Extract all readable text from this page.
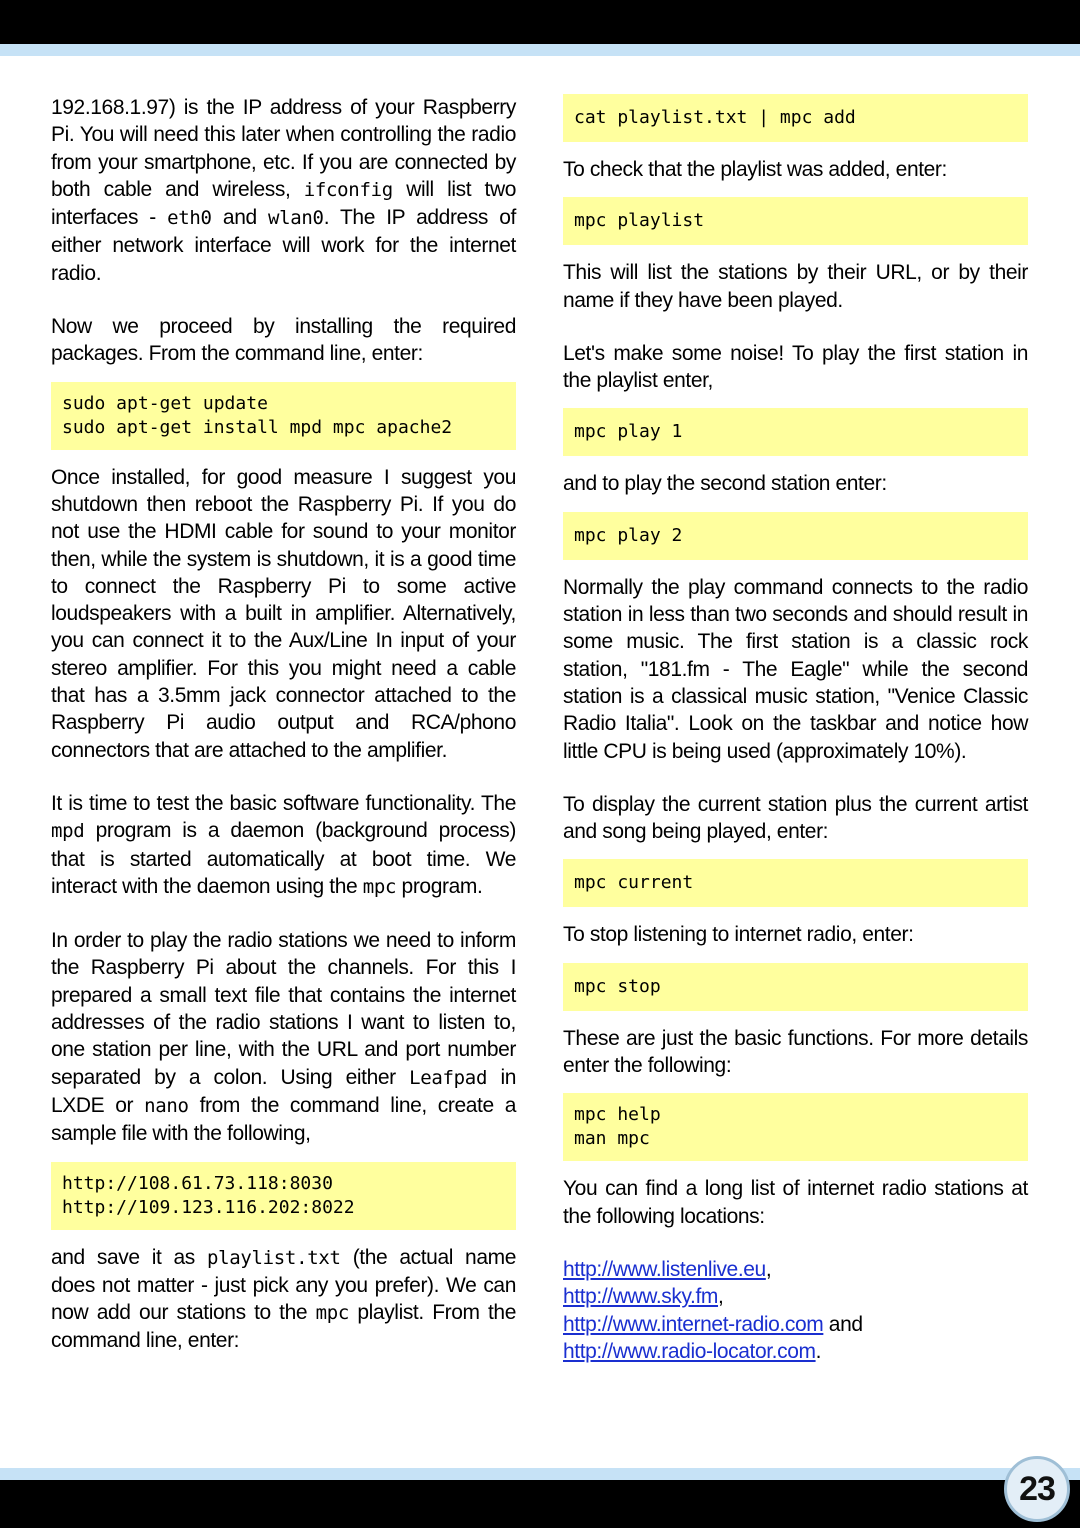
192.168.1.97) is the IP address of your Raspberry Pi. You will need this later when controlling the radio from your smartphone, etc. If you are connected by both cable and wireless, ifconfig will list two interfaces - eth0 and wlan0. The IP address of either network interface will work for the internet radio.

Now we proceed by installing the required packages. From the command line, enter:

sudo apt-get update
sudo apt-get install mpd mpc apache2

Once installed, for good measure I suggest you shutdown then reboot the Raspberry Pi. If you do not use the HDMI cable for sound to your monitor then, while the system is shutdown, it is a good time to connect the Raspberry Pi to some active loudspeakers with a built in amplifier. Alternatively, you can connect it to the Aux/Line In input of your stereo amplifier. For this you might need a cable that has a 3.5mm jack connector attached to the Raspberry Pi audio output and RCA/phono connectors that are attached to the amplifier.

It is time to test the basic software functionality. The mpd program is a daemon (background process) that is started automatically at boot time. We interact with the daemon using the mpc program.

In order to play the radio stations we need to inform the Raspberry Pi about the channels. For this I prepared a small text file that contains the internet addresses of the radio stations I want to listen to, one station per line, with the URL and port number separated by a colon. Using either Leafpad in LXDE or nano from the command line, create a sample file with the following,

http://108.61.73.118:8030
http://109.123.116.202:8022

and save it as playlist.txt (the actual name does not matter - just pick any you prefer). We can now add our stations to the mpc playlist. From the command line, enter:

cat playlist.txt | mpc add

To check that the playlist was added, enter:

mpc playlist

This will list the stations by their URL, or by their name if they have been played.

Let's make some noise! To play the first station in the playlist enter,

mpc play 1

and to play the second station enter:

mpc play 2

Normally the play command connects to the radio station in less than two seconds and should result in some music. The first station is a classic rock station, "181.fm - The Eagle" while the second station is a classical music station, "Venice Classic Radio Italia". Look on the taskbar and notice how little CPU is being used (approximately 10%).

To display the current station plus the current artist and song being played, enter:

mpc current

To stop listening to internet radio, enter:

mpc stop

These are just the basic functions. For more details enter the following:

mpc help
man mpc

You can find a long list of internet radio stations at the following locations:

http://www.listenlive.eu,

http://www.sky.fm,

http://www.internet-radio.com and

http://www.radio-locator.com.

23
